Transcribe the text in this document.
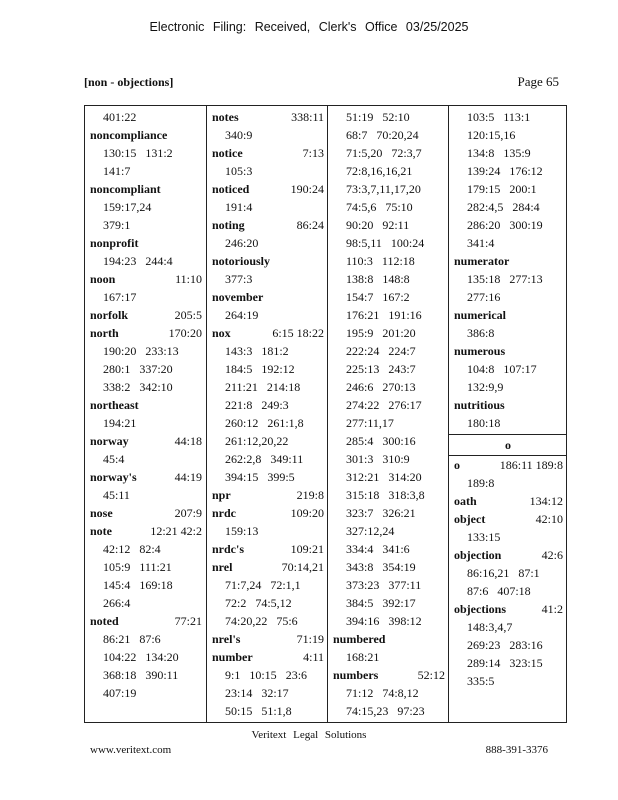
Electronic Filing: Received, Clerk's Office 03/25/2025
[non - objections]	Page 65
401:22
noncompliance
130:15 131:2
141:7
noncompliant
159:17,24
379:1
nonprofit
194:23 244:4
noon	11:10
167:17
norfolk	205:5
north	170:20
190:20 233:13
280:1 337:20
338:2 342:10
northeast
194:21
norway	44:18
45:4
norway's	44:19
45:11
nose	207:9
note	12:21 42:2
42:12 82:4
105:9 111:21
145:4 169:18
266:4
noted	77:21
86:21 87:6
104:22 134:20
368:18 390:11
407:19
notes	338:11
340:9
notice	7:13
105:3
noticed	190:24
191:4
noting	86:24
246:20
notoriously
377:3
november
264:19
nox	6:15 18:22
143:3 181:2
184:5 192:12
211:21 214:18
221:8 249:3
260:12 261:1,8
261:12,20,22
262:2,8 349:11
394:15 399:5
npr	219:8
nrdc	109:20
159:13
nrdc's	109:21
nrel	70:14,21
71:7,24 72:1,1
72:2 74:5,12
74:20,22 75:6
nrel's	71:19
number	4:11
9:1 10:15 23:6
23:14 32:17
50:15 51:1,8
51:19 52:10
68:7 70:20,24
71:5,20 72:3,7
72:8,16,16,21
73:3,7,11,17,20
74:5,6 75:10
90:20 92:11
98:5,11 100:24
110:3 112:18
138:8 148:8
154:7 167:2
176:21 191:16
195:9 201:20
222:24 224:7
225:13 243:7
246:6 270:13
274:22 276:17
277:11,17
285:4 300:16
301:3 310:9
312:21 314:20
315:18 318:3,8
323:7 326:21
327:12,24
334:4 341:6
343:8 354:19
373:23 377:11
384:5 392:17
394:16 398:12
numbered
168:21
numbers	52:12
71:12 74:8,12
74:15,23 97:23
103:5 113:1
120:15,16
134:8 135:9
139:24 176:12
179:15 200:1
282:4,5 284:4
286:20 300:19
341:4
numerator
135:18 277:13
277:16
numerical
386:8
numerous
104:8 107:17
132:9,9
nutritious
180:18
o
o	186:11 189:8
189:8
oath	134:12
object	42:10
133:15
objection	42:6
86:16,21 87:1
87:6 407:18
objections	41:2
148:3,4,7
269:23 283:16
289:14 323:15
335:5
Veritext Legal Solutions
www.veritext.com	888-391-3376
